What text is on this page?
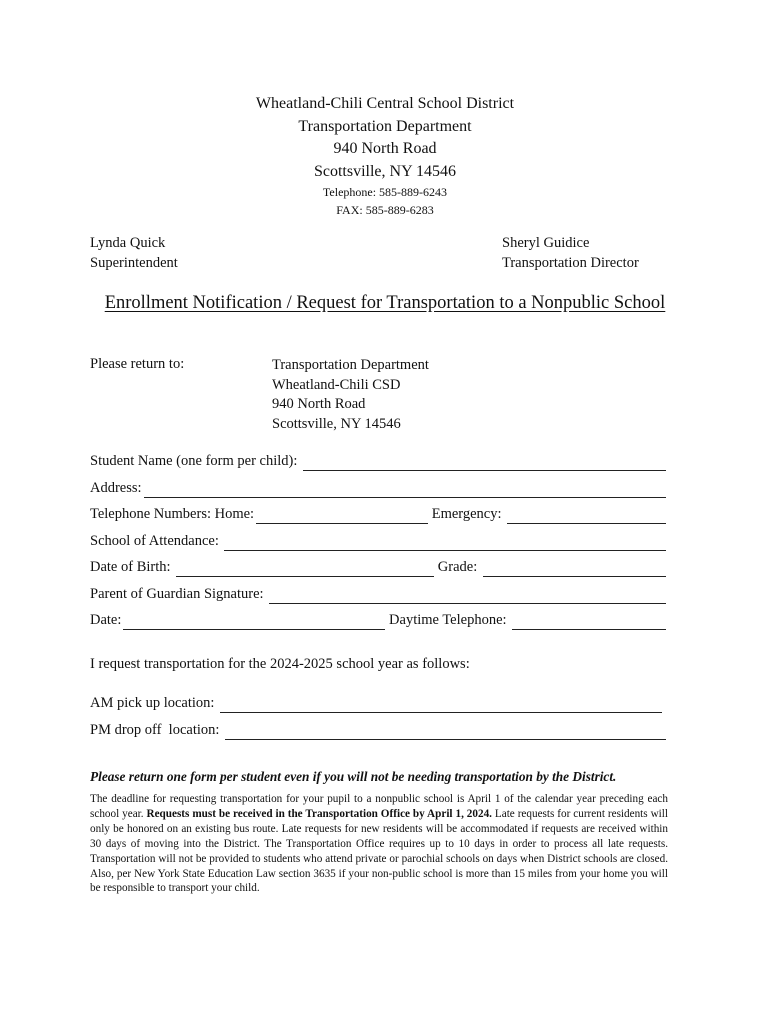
Wheatland-Chili Central School District
Transportation Department
940 North Road
Scottsville, NY 14546
Telephone: 585-889-6243
FAX: 585-889-6283
Lynda Quick
Superintendent
Sheryl Guidice
Transportation Director
Enrollment Notification / Request for Transportation to a Nonpublic School
Please return to:	Transportation Department
Wheatland-Chili CSD
940 North Road
Scottsville, NY 14546
Student Name (one form per child):
Address:
Telephone Numbers: Home:	Emergency:
School of Attendance:
Date of Birth:	Grade:
Parent of Guardian Signature:
Date:	Daytime Telephone:
I request transportation for the 2024-2025 school year as follows:
AM pick up location:
PM drop off  location:
Please return one form per student even if you will not be needing transportation by the District.
The deadline for requesting transportation for your pupil to a nonpublic school is April 1 of the calendar year preceding each school year. Requests must be received in the Transportation Office by April 1, 2024. Late requests for current residents will only be honored on an existing bus route. Late requests for new residents will be accommodated if requests are received within 30 days of moving into the District. The Transportation Office requires up to 10 days in order to process all late requests. Transportation will not be provided to students who attend private or parochial schools on days when District schools are closed. Also, per New York State Education Law section 3635 if your non-public school is more than 15 miles from your home you will be responsible to transport your child.
